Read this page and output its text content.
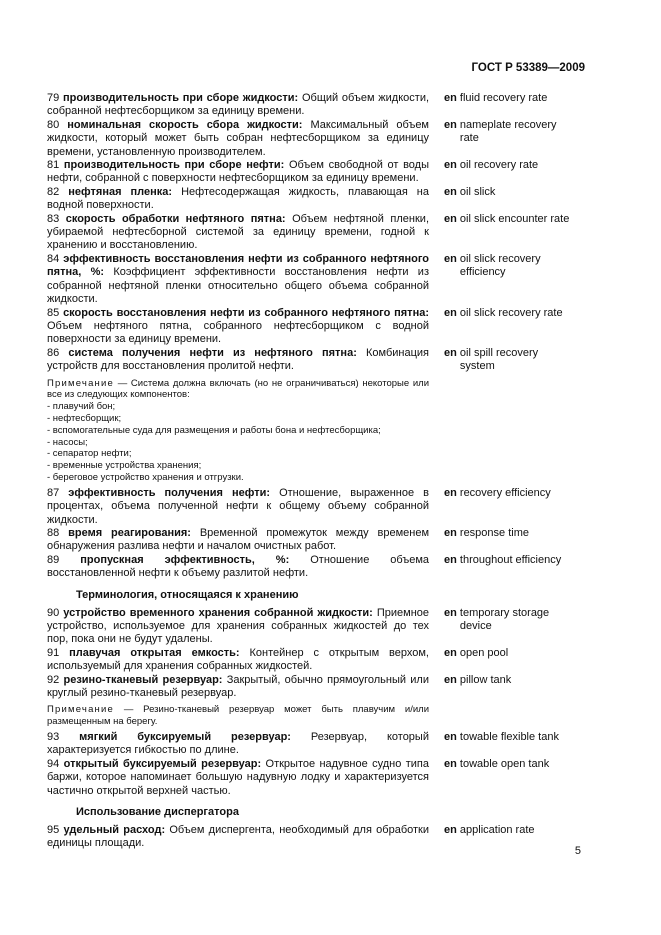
ГОСТ Р 53389—2009
79 производительность при сборе жидкости: Общий объем жидкости, собранной нефтесборщиком за единицу времени.
en fluid recovery rate
80 номинальная скорость сбора жидкости: Максимальный объем жидкости, который может быть собран нефтесборщиком за единицу времени, установленную производителем.
en nameplate recovery rate
81 производительность при сборе нефти: Объем свободной от воды нефти, собранной с поверхности нефтесборщиком за единицу времени.
en oil recovery rate
82 нефтяная пленка: Нефтесодержащая жидкость, плавающая на водной поверхности.
en oil slick
83 скорость обработки нефтяного пятна: Объем нефтяной пленки, убираемой нефтесборной системой за единицу времени, годной к хранению и восстановлению.
en oil slick encounter rate
84 эффективность восстановления нефти из собранного нефтяного пятна, %: Коэффициент эффективности восстановления нефти из собранной нефтяной пленки относительно общего объема собранной жидкости.
en oil slick recovery efficiency
85 скорость восстановления нефти из собранного нефтяного пятна: Объем нефтяного пятна, собранного нефтесборщиком с водной поверхности за единицу времени.
en oil slick recovery rate
86 система получения нефти из нефтяного пятна: Комбинация устройств для восстановления пролитой нефти.
en oil spill recovery system
Примечание — Система должна включать (но не ограничиваться) некоторые или все из следующих компонентов:
- плавучий бон;
- нефтесборщик;
- вспомогательные суда для размещения и работы бона и нефтесборщика;
- насосы;
- сепаратор нефти;
- временные устройства хранения;
- береговое устройство хранения и отгрузки.
87 эффективность получения нефти: Отношение, выраженное в процентах, объема полученной нефти к общему объему собранной жидкости.
en recovery efficiency
88 время реагирования: Временной промежуток между временем обнаружения разлива нефти и началом очистных работ.
en response time
89 пропускная эффективность, %: Отношение объема восстановленной нефти к объему разлитой нефти.
en throughout efficiency
Терминология, относящаяся к хранению
90 устройство временного хранения собранной жидкости: Приемное устройство, используемое для хранения собранных жидкостей до тех пор, пока они не будут удалены.
en temporary storage device
91 плавучая открытая емкость: Контейнер с открытым верхом, используемый для хранения собранных жидкостей.
en open pool
92 резино-тканевый резервуар: Закрытый, обычно прямоугольный или круглый резино-тканевый резервуар.
en pillow tank
Примечание — Резино-тканевый резервуар может быть плавучим и/или размещенным на берегу.
93 мягкий буксируемый резервуар: Резервуар, который характеризуется гибкостью по длине.
en towable flexible tank
94 открытый буксируемый резервуар: Открытое надувное судно типа баржи, которое напоминает большую надувную лодку и характеризуется частично открытой верхней частью.
en towable open tank
Использование диспергатора
95 удельный расход: Объем диспергента, необходимый для обработки единицы площади.
en application rate
5
